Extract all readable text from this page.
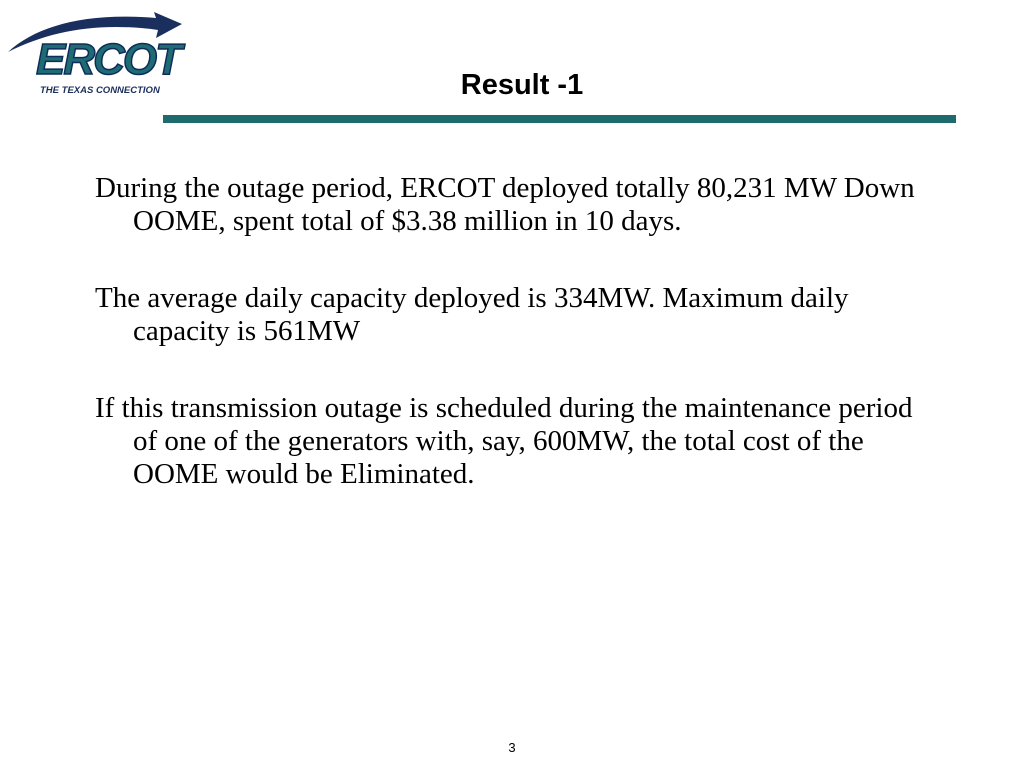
ERCOT
THE TEXAS CONNECTION	Result -1
During the outage period, ERCOT deployed totally 80,231 MW Down OOME, spent total of $3.38 million in 10 days.
The average daily capacity deployed is 334MW. Maximum daily capacity is 561MW
If this transmission outage is scheduled during the maintenance period of one of the generators with, say, 600MW, the total cost of the OOME would be Eliminated.
3
